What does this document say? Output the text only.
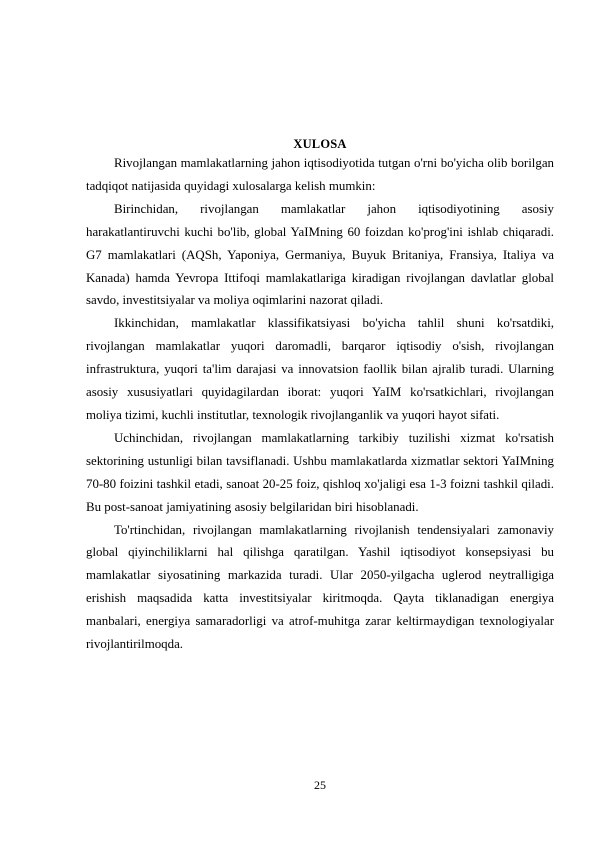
XULOSA

Rivojlangan mamlakatlarning jahon iqtisodiyotida tutgan o'rni bo'yicha olib borilgan tadqiqot natijasida quyidagi xulosalarga kelish mumkin:

Birinchidan, rivojlangan mamlakatlar jahon iqtisodiyotining asosiy harakatlantiruvchi kuchi bo'lib, global YaIMning 60 foizdan ko'prog'ini ishlab chiqaradi. G7 mamlakatlari (AQSh, Yaponiya, Germaniya, Buyuk Britaniya, Fransiya, Italiya va Kanada) hamda Yevropa Ittifoqi mamlakatlariga kiradigan rivojlangan davlatlar global savdo, investitsiyalar va moliya oqimlarini nazorat qiladi.

Ikkinchidan, mamlakatlar klassifikatsiyasi bo'yicha tahlil shuni ko'rsatdiki, rivojlangan mamlakatlar yuqori daromadli, barqaror iqtisodiy o'sish, rivojlangan infrastruktura, yuqori ta'lim darajasi va innovatsion faollik bilan ajralib turadi. Ularning asosiy xususiyatlari quyidagilardan iborat: yuqori YaIM ko'rsatkichlari, rivojlangan moliya tizimi, kuchli institutlar, texnologik rivojlanganlik va yuqori hayot sifati.

Uchinchidan, rivojlangan mamlakatlarning tarkibiy tuzilishi xizmat ko'rsatish sektorining ustunligi bilan tavsiflanadi. Ushbu mamlakatlarda xizmatlar sektori YaIMning 70-80 foizini tashkil etadi, sanoat 20-25 foiz, qishloq xo'jaligi esa 1-3 foizni tashkil qiladi. Bu post-sanoat jamiyatining asosiy belgilaridan biri hisoblanadi.

To'rtinchidan, rivojlangan mamlakatlarning rivojlanish tendensiyalari zamonaviy global qiyinchiliklarni hal qilishga qaratilgan. Yashil iqtisodiyot konsepsiyasi bu mamlakatlar siyosatining markazida turadi. Ular 2050-yilgacha uglerod neytralligiga erishish maqsadida katta investitsiyalar kiritmoqda. Qayta tiklanadigan energiya manbalari, energiya samaradorligi va atrof-muhitga zarar keltirmaydigan texnologiyalar rivojlantirilmoqda.

25
